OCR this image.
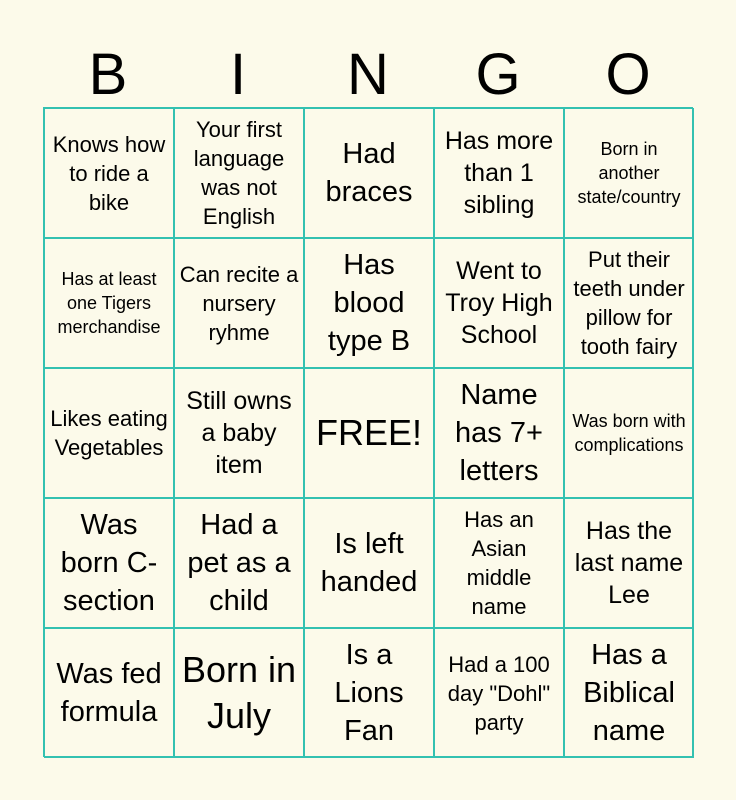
B	I	N	G	O
Knows how to ride a bike
Your first language was not English
Had braces
Has more than 1 sibling
Born in another state/country
Has at least one Tigers merchandise
Can recite a nursery ryhme
Has blood type B
Went to Troy High School
Put their teeth under pillow for tooth fairy
Likes eating Vegetables
Still owns a baby item
FREE!
Name has 7+ letters
Was born with complications
Was born C-section
Had a pet as a child
Is left handed
Has an Asian middle name
Has the last name Lee
Was fed formula
Born in July
Is a Lions Fan
Had a 100 day "Dohl" party
Has a Biblical name
